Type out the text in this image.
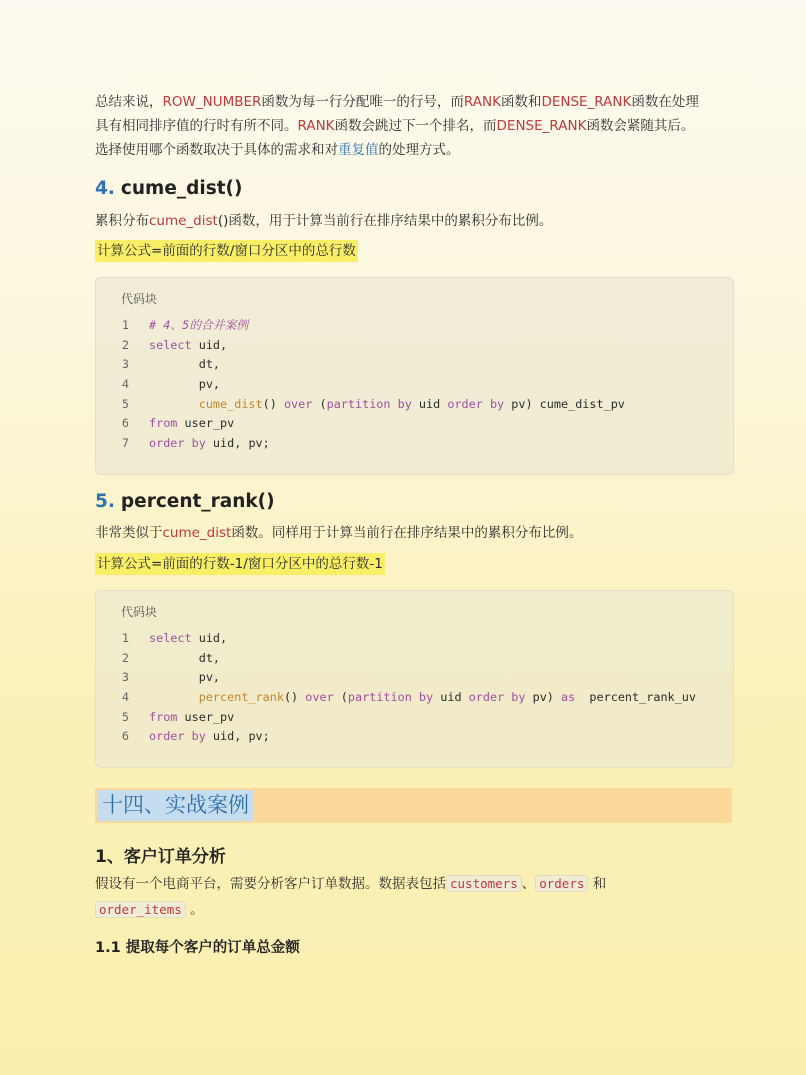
总结来说，ROW_NUMBER函数为每一行分配唯一的行号，而RANK函数和DENSE_RANK函数在处理
具有相同排序值的行时有所不同。RANK函数会跳过下一个排名，而DENSE_RANK函数会紧随其后。
选择使用哪个函数取决于具体的需求和对重复值的处理方式。
4. cume_dist()
累积分布cume_dist()函数，用于计算当前行在排序结果中的累积分布比例。
计算公式=前面的行数/窗口分区中的总行数
代码块
1 # 4、5的合并案例
2 select uid,
3       dt,
4       pv,
5	cume_dist() over (partition by uid order by pv) cume_dist_pv
6 from user_pv
7 order by uid, pv;
5. percent_rank()
非常类似于cume_dist函数。同样用于计算当前行在排序结果中的累积分布比例。
计算公式=前面的行数-1/窗口分区中的总行数-1
代码块
1 select uid,
2       dt,
3       pv,
4	percent_rank() over (partition by uid order by pv) as  percent_rank_uv
5 from user_pv
6 order by uid, pv;
十四、实战案例
1、客户订单分析
假设有一个电商平台，需要分析客户订单数据。数据表包括 customers 、 orders 和
order_items 。
1.1 提取每个客户的订单总金额
